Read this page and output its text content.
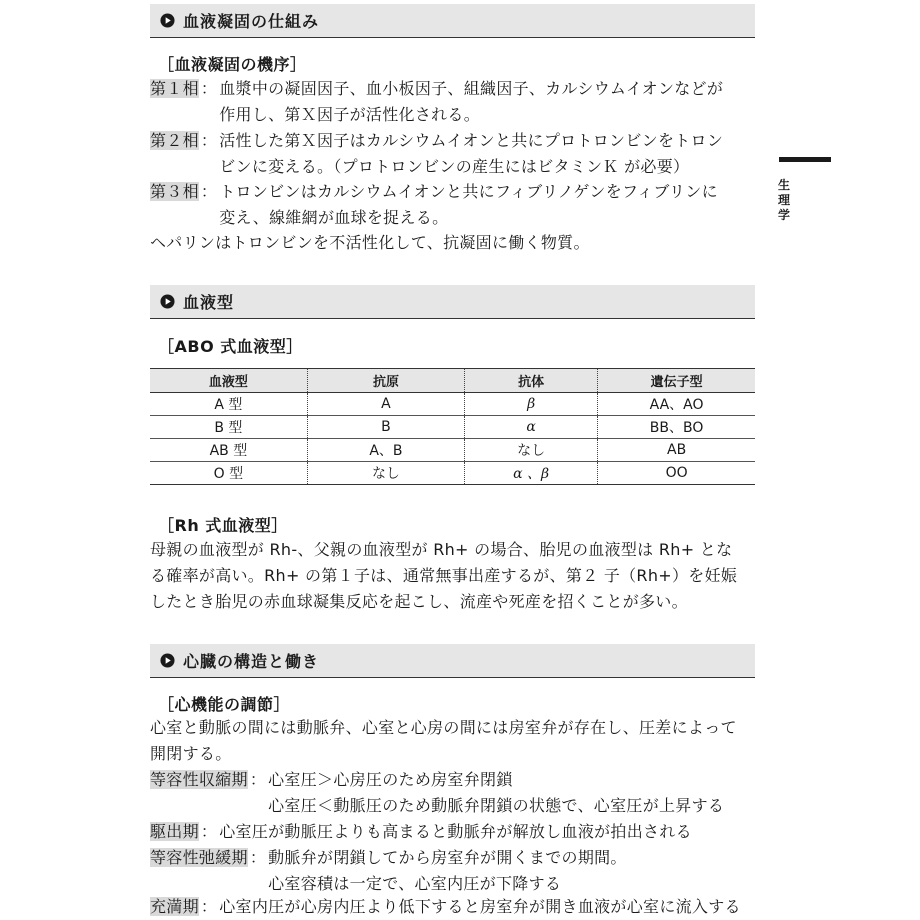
生
理
学
血液凝固の仕組み
［血液凝固の機序］
第１相 ： 血漿中の凝固因子、血小板因子、組織因子、カルシウムイオンなどが
作用し、第Ｘ因子が活性化される。
第２相 ： 活性した第Ｘ因子はカルシウムイオンと共にプロトロンビンをトロン
ビンに変える。（プロトロンビンの産生にはビタミンＫ が必要）
第３相 ： トロンビンはカルシウムイオンと共にフィブリノゲンをフィブリンに
変え、線維網が血球を捉える。
ヘパリンはトロンビンを不活性化して、抗凝固に働く物質。
血液型
［ABO 式血液型］
血液型	抗原	抗体	遺伝子型
A 型	A	β	AA、AO
B 型	B	α	BB、BO
AB 型	A、B	なし	AB
O 型	なし	α 、β	OO
［Rh 式血液型］
母親の血液型が Rh-、父親の血液型が Rh+ の場合、胎児の血液型は Rh+ とな
る確率が高い。Rh+ の第１子は、通常無事出産するが、第２ 子（Rh+）を妊娠
したとき胎児の赤血球凝集反応を起こし、流産や死産を招くことが多い。
心臓の構造と働き
［心機能の調節］
心室と動脈の間には動脈弁、心室と心房の間には房室弁が存在し、圧差によって
開閉する。
等容性収縮期 ： 心室圧＞心房圧のため房室弁閉鎖
心室圧＜動脈圧のため動脈弁閉鎖の状態で、心室圧が上昇する
駆出期 ： 心室圧が動脈圧よりも高まると動脈弁が解放し血液が拍出される
等容性弛緩期 ： 動脈弁が閉鎖してから房室弁が開くまでの期間。
心室容積は一定で、心室内圧が下降する
充満期 ： 心室内圧が心房内圧より低下すると房室弁が開き血液が心室に流入する
